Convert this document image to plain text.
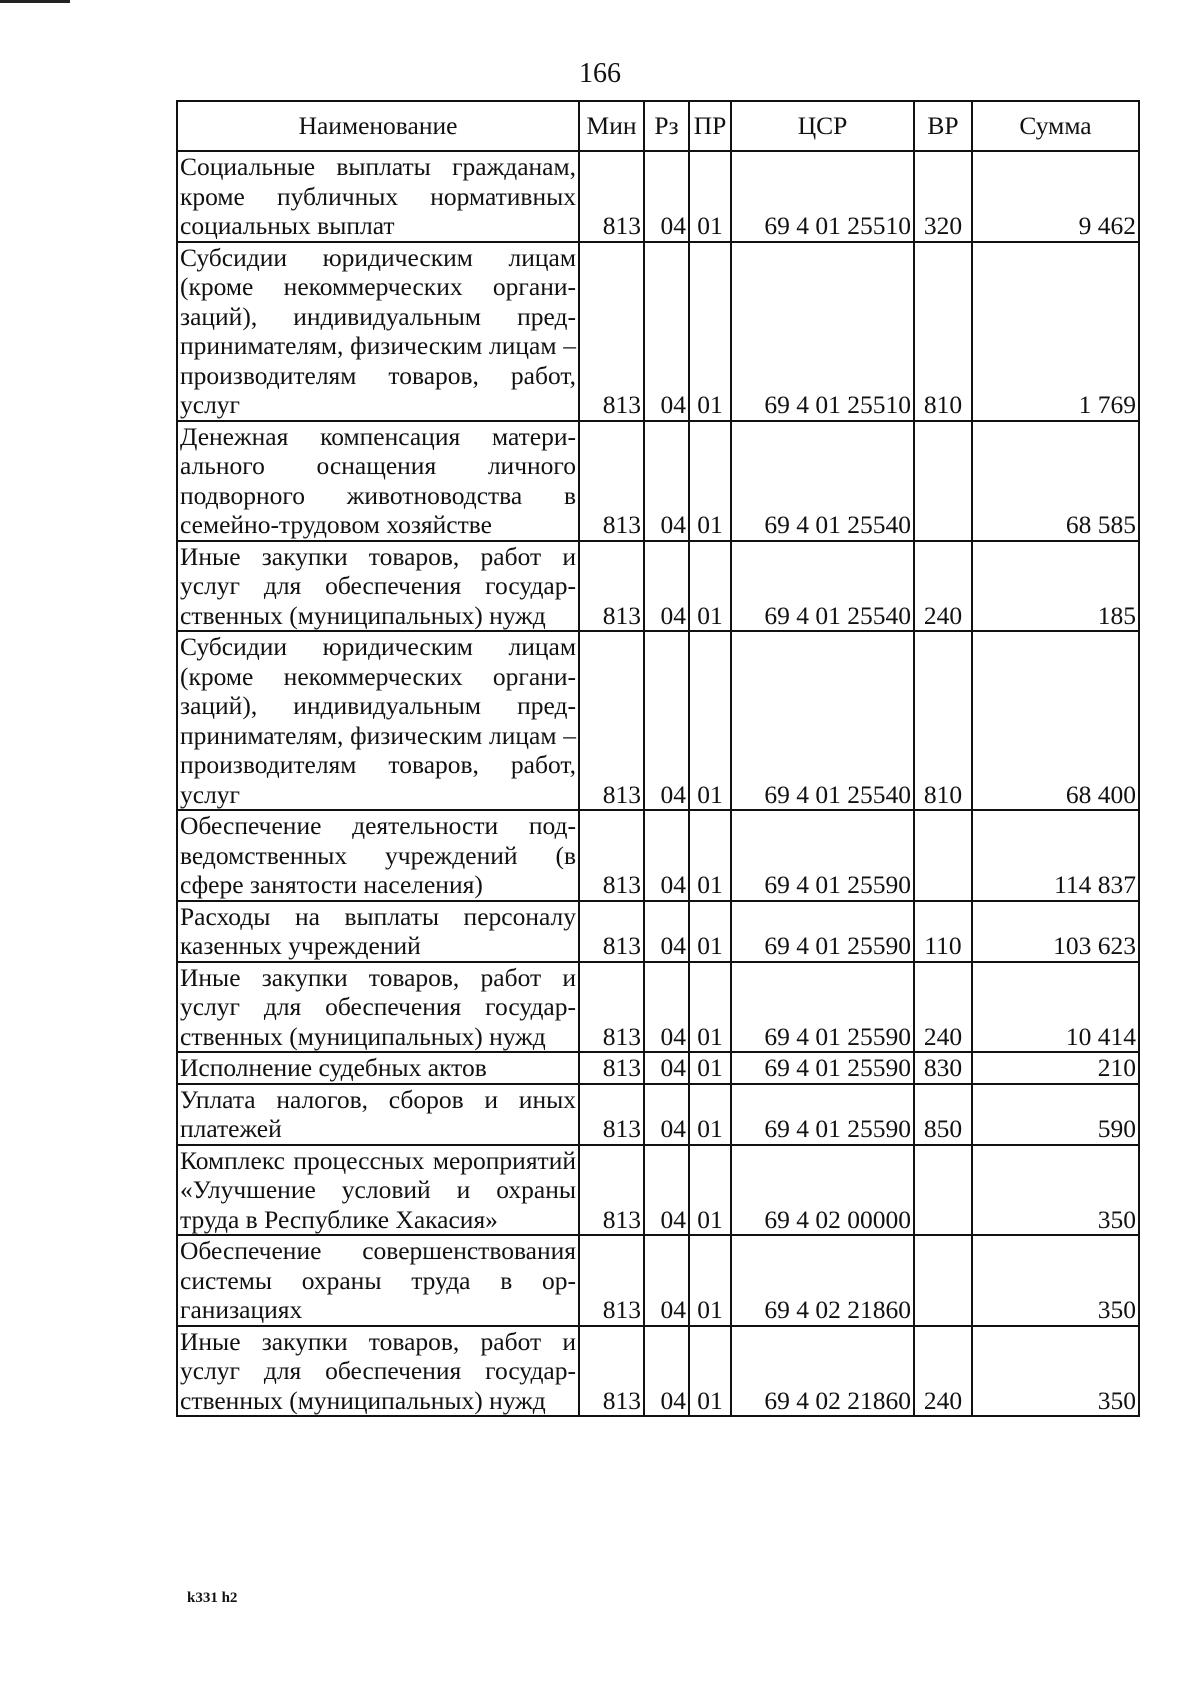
166
Наименование	Мин	Рз	ПР	ЦСР	ВР	Сумма
Социальные выплаты гражданам, кроме публичных нормативных социальных выплат	813	04	01	69 4 01 25510	320	9 462
Субсидии юридическим лицам (кроме некоммерческих организаций), индивидуальным предпринимателям, физическим лицам – производителям товаров, работ, услуг	813	04	01	69 4 01 25510	810	1 769
Денежная компенсация материального оснащения личного подворного животноводства в семейно-трудовом хозяйстве	813	04	01	69 4 01 25540		68 585
Иные закупки товаров, работ и услуг для обеспечения государственных (муниципальных) нужд	813	04	01	69 4 01 25540	240	185
Субсидии юридическим лицам (кроме некоммерческих организаций), индивидуальным предпринимателям, физическим лицам – производителям товаров, работ, услуг	813	04	01	69 4 01 25540	810	68 400
Обеспечение деятельности подведомственных учреждений (в сфере занятости населения)	813	04	01	69 4 01 25590		114 837
Расходы на выплаты персоналу казенных учреждений	813	04	01	69 4 01 25590	110	103 623
Иные закупки товаров, работ и услуг для обеспечения государственных (муниципальных) нужд	813	04	01	69 4 01 25590	240	10 414
Исполнение судебных актов	813	04	01	69 4 01 25590	830	210
Уплата налогов, сборов и иных платежей	813	04	01	69 4 01 25590	850	590
Комплекс процессных мероприятий «Улучшение условий и охраны труда в Республике Хакасия»	813	04	01	69 4 02 00000		350
Обеспечение совершенствования системы охраны труда в организациях	813	04	01	69 4 02 21860		350
Иные закупки товаров, работ и услуг для обеспечения государственных (муниципальных) нужд	813	04	01	69 4 02 21860	240	350
k331 h2
